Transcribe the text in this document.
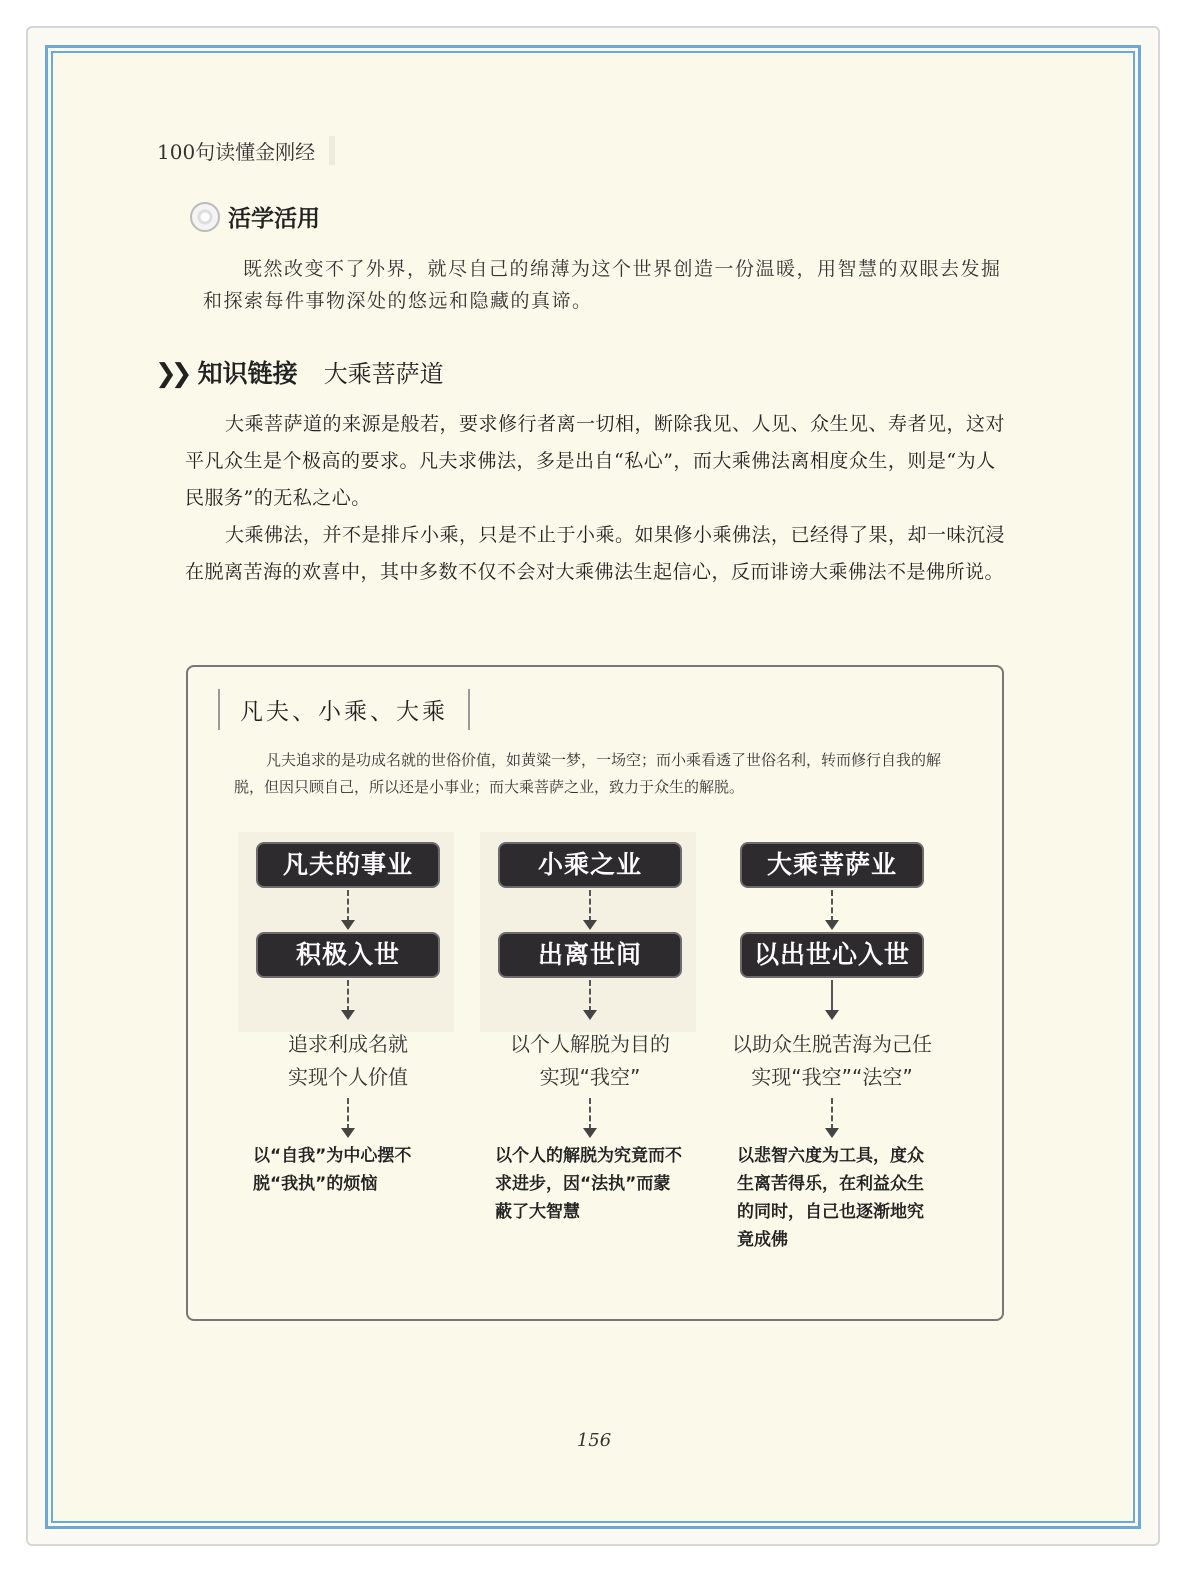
100句读懂金刚经
活学活用
既然改变不了外界，就尽自己的绵薄为这个世界创造一份温暖，用智慧的双眼去发掘和探索每件事物深处的悠远和隐藏的真谛。
❯❯ 知识链接 大乘菩萨道
大乘菩萨道的来源是般若，要求修行者离一切相，断除我见、人见、众生见、寿者见，这对平凡众生是个极高的要求。凡夫求佛法，多是出自“私心”，而大乘佛法离相度众生，则是“为人民服务”的无私之心。
大乘佛法，并不是排斥小乘，只是不止于小乘。如果修小乘佛法，已经得了果，却一味沉浸在脱离苦海的欢喜中，其中多数不仅不会对大乘佛法生起信心，反而诽谤大乘佛法不是佛所说。
凡夫、小乘、大乘
凡夫追求的是功成名就的世俗价值，如黄粱一梦，一场空；而小乘看透了世俗名利，转而修行自我的解脱，但因只顾自己，所以还是小事业；而大乘菩萨之业，致力于众生的解脱。
凡夫的事业
积极入世
追求利成名就
实现个人价值
以“自我”为中心摆不脱“我执”的烦恼
小乘之业
出离世间
以个人解脱为目的
实现“我空”
以个人的解脱为究竟而不求进步，因“法执”而蒙蔽了大智慧
大乘菩萨业
以出世心入世
以助众生脱苦海为己任
实现“我空”“法空”
以悲智六度为工具，度众生离苦得乐，在利益众生的同时，自己也逐渐地究竟成佛
156
